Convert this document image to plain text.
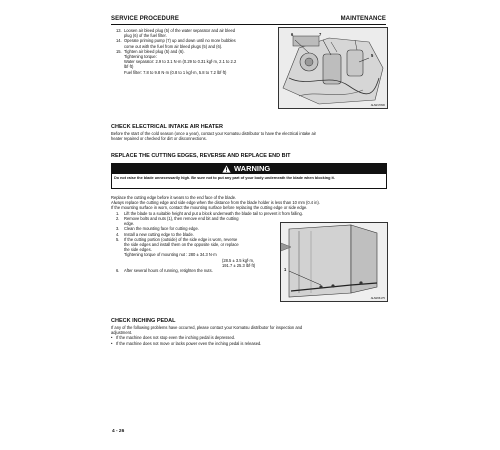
SERVICE PROCEDURE	MAINTENANCE
13. Loosen air bleed plug (5) of the water separator and air bleed
plug (6) of the fuel filter.
14. Operate priming pump (7) up and down until no more bubbles
come out with the fuel from air bleed plugs (5) and (6).
15. Tighten air bleed plug (5) and (6).
Tightening torque:
Water separator: 2.9 to 3.1 N·m (0.29 to 0.31 kgf·m, 2.1 to 2.2
lbf·ft)
Fuel filter: 7.8 to 9.8 N·m (0.8 to 1 kgf·m, 5.8 to 7.2 lbf·ft)
6	7
5
AHW17830
CHECK ELECTRICAL INTAKE AIR HEATER
Before the start of the cold season (once a year), contact your Komatsu distributor to have the electrical intake air
heater repaired or checked for dirt or disconnections.
REPLACE THE CUTTING EDGES, REVERSE AND REPLACE END BIT
WARNING
Do not raise the blade unnecessarily high. Be sure not to put any part of your body underneath the blade when blocking it.
Replace the cutting edge before it wears to the end face of the blade.
Always replace the cutting edge and side edge when the distance from the blade holder is less than 10 mm (0.4 in).
If the mounting surface in worn, contact the mounting surface before replacing the cutting edge or side edge.
1.	Lift the blade to a suitable height and put a block underneath the blade tail to prevent it from falling.
2.	Remove bolts and nuts (1), then remove end bit and the cutting
edge.
3.	Clean the mounting face for cutting edge.
4.	Install a new cutting edge to the blade.
5.	If the cutting portion (outside) of the side edge is worn, reverse
the side edges and install them on the opposite side, or replace
the side edges.
Tightening torque of mounting nut : 280 ± 34.3 N·m
(28.5 ± 3.5 kgf·m,
191.7 ± 25.3 lbf·ft)
6.	After several hours of running, retighten the nuts.	1
AHW06175
CHECK INCHING PEDAL
If any of the following problems have occurred, please contact your Komatsu distributor for inspection and
adjustment.
• If the machine does not stop even the inching pedal is depressed.
• If the machine does not move or lacks power even the inching pedal is released.
4 - 26
